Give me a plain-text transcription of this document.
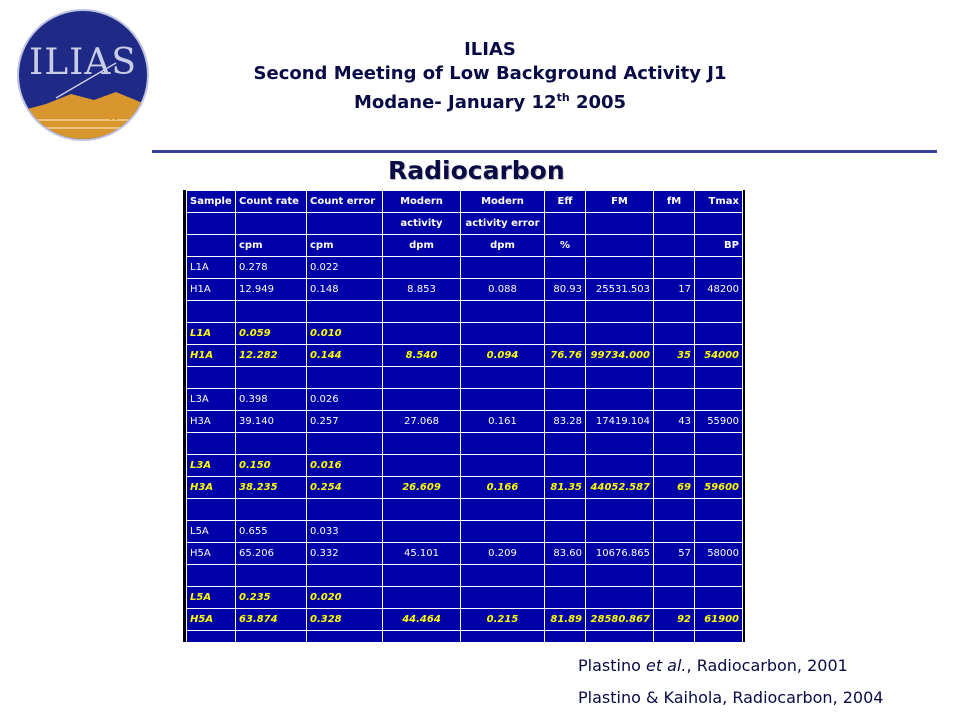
ILIAS	ILIAS
Second Meeting of Low Background Activity J1
Modane- January 12th 2005
Radiocarbon
Sample	Count rate	Count error	Modern	Modern	Eff	FM	fM	Tmax
			activity	activity error				
	cpm	cpm	dpm	dpm	%			BP
L1A	0.278	0.022						
H1A	12.949	0.148	8.853	0.088	80.93	25531.503	17	48200

L1A	0.059	0.010						
H1A	12.282	0.144	8.540	0.094	76.76	99734.000	35	54000

L3A	0.398	0.026						
H3A	39.140	0.257	27.068	0.161	83.28	17419.104	43	55900

L3A	0.150	0.016						
H3A	38.235	0.254	26.609	0.166	81.35	44052.587	69	59600

L5A	0.655	0.033						
H5A	65.206	0.332	45.101	0.209	83.60	10676.865	57	58000

L5A	0.235	0.020						
H5A	63.874	0.328	44.464	0.215	81.89	28580.867	92	61900

Plastino et al., Radiocarbon, 2001
Plastino & Kaihola, Radiocarbon, 2004
